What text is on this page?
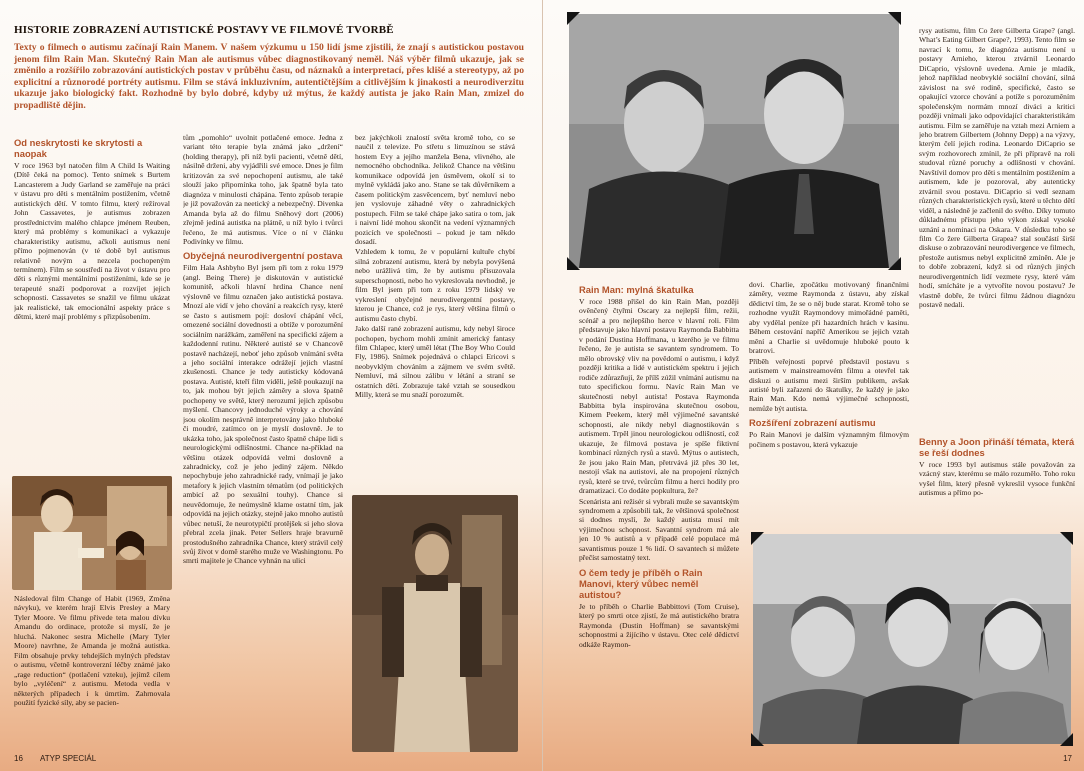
HISTORIE ZOBRAZENÍ AUTISTICKÉ POSTAVY VE FILMOVÉ TVORBĚ
Texty o filmech o autismu začínají Rain Manem. V našem výzkumu u 150 lidí jsme zjistili, že znají s autistickou postavou jenom film Rain Man. Skutečný Rain Man ale autismus vůbec diagnostikovaný neměl. Náš výběr filmů ukazuje, jak se změnilo a rozšířilo zobrazování autistických postav v průběhu času, od náznaků a interpretací, přes klišé a stereotypy, až po explicitní a různorodé portréty autismu. Film se stává inkluzivním, autentičtějším a citlivějším k jinakosti a neurodiverzitu ukazuje jako biologický fakt. Rozhodně by bylo dobré, kdyby už mýtus, že každý autista je jako Rain Man, zmizel do propadliště dějin.
Od neskrytosti ke skrytosti a naopak

V roce 1963 byl natočen film A Child Is Waiting (Dítě čeká na pomoc). Tento snímek s Burtem Lancasterem a Judy Garland se zaměřuje na práci v ústavu pro děti s mentálním postižením, včetně autistických dětí. V tomto filmu, který režíroval John Cassavetes, je autismus zobrazen prostřednictvím malého chlapce jménem Reuben, který má problémy s komunikací a vykazuje charakteristiky autismu, ačkoli autismus není přímo pojmenován (v té době byl autismus relativně novým a nezcela pochopeným termínem). Film se soustředí na život v ústavu pro děti s různými mentálními postiženími, kde se je terapeuté snaží podporovat a rozvíjet jejich schopnosti. Cassavetes se snažil ve filmu ukázat jak realistické, tak emocionální aspekty práce s dětmi, které mají problémy s přizpůsobením.

Následoval film Change of Habit (1969, Změna návyku), ve kterém hrají Elvis Presley a Mary Tyler Moore. Ve filmu přivede teta malou dívku Amandu do ordinace, protože si myslí, že je hluchá. Nakonec sestra Michelle (Mary Tyler Moore) navrhne, že Amanda je možná autistka. Film obsahuje prvky tehdejších mylných představ o autismu, včetně kontroverzní léčby známé jako „rage reduction“ (potlačení vzteku), jejímž cílem bylo „vyléčení“ z autismu. Metoda vedla v některých případech i k úmrtím. Zahrnovala použití fyzické síly, aby se pacien-

tům „pomohlo“ uvolnit potlačené emoce. Jedna z variant této terapie byla známá jako „držení“ (holding therapy), při níž byli pacienti, včetně dětí, násilně drženi, aby vyjádřili své emoce. Dnes je film kritizován za své nepochopení autismu, ale také slouží jako připomínka toho, jak špatně byla tato diagnóza v minulosti chápána. Tento způsob terapie je již považován za neetický a nebezpečný. Divenka Amanda byla až do filmu Sněhový dort (2006) zřejmě jediná autistka na plátně, u níž bylo i tvůrci řečeno, že má autismus. Více o ní v článku Podivínky ve filmu.

Obyčejná neurodivergentní postava

Film Hala Ashbyho Byl jsem při tom z roku 1979 (angl. Being There) je diskutován v autistické komunitě, ačkoli hlavní hrdina Chance není výslovně ve filmu označen jako autistická postava. Mnozí ale vidí v jeho chování a reakcích rysy, které se často s autismem pojí: dosloví chápání věcí, omezené sociální dovednosti a obtíže v porozumění sociálním narážkám, zaměření na specifickí zájem a každodenní rutinu. Některé autisté se v Chancově postavě nacházejí, neboť jeho způsob vnímání světa a jeho sociální interakce odrážejí jejich vlastní zkušenosti. Chance je tedy autisticky kódovaná postava. Autisté, kteří film viděli, ještě poukazují na to, jak mohou být jejich záměry a slova špatně pochopeny ve světě, který nerozumí jejich způsobu myšlení. Chancovy jednoduché výroky a chování jsou okolím nesprávně interpretovány jako hluboké či moudré, zatímco on je myslí doslovně. Je to ukázka toho, jak společnost často špatně chápe lidi s neurologickými odlišnostmi. Chance na-příklad na většinu otázek odpovídá velmi doslovně a zahradnicky, což je jeho jediný zájem. Někdo nepochybuje jeho zahradnické rady, vnímají je jako metafory k jejich vlastním tématům (od politických ambicí až po sexuální touhy). Chance si neuvědomuje, že neúmyslně klame ostatní tím, jak odpovídá na jejich otázky, stejně jako mnoho autistů vůbec netuší, že neurotypičtí protějšek si jeho slova přebral zcela jinak. Peter Sellers hraje bravurně prostodušného zahradníka Chance, který strávil celý svůj život v domě starého muže ve Washingtonu. Po smrti majitele je Chance vyhnán na ulici

bez jakýchkoli znalostí světa kromě toho, co se naučil z televize. Po střetu s limuzínou se stává hostem Evy a jejího manžela Bena, vlivného, ale nemocného obchodníka. Jelikož Chance na většinu komunikace odpovídá jen úsměvem, okolí si to mylně vykládá jako ano. Stane se tak důvěrníkem a časem politickým zasvěcencem, byť nemluví nebo jen vyslovuje záhadné věty o zahradnických postupech. Film se také chápe jako satira o tom, jak i naivní lidé mohou skončit na vedení významných pozicích ve společnosti – pokud je tam někdo dosadí.

Vzhledem k tomu, že v populární kultuře chybí silná zobrazení autismu, která by nebyla povýšená nebo urážlivá tím, že by autismu přisuzovala superschopnosti, nebo ho vykreslovala nevhodně, je film Byl jsem při tom z roku 1979 lidský ve vykreslení obyčejné neurodivergentní postavy, kterou je Chance, což je rys, který většina filmů o autismu často chybí.

Jako další rané zobrazení autismu, kdy nebyl široce pochopen, bychom mohli zmínit americký fantasy film Chlapec, který uměl létat (The Boy Who Could Fly, 1986). Snímek pojednává o chlapci Ericovi s neobyvklým chováním a zájmem ve svém světě. Nemluví, má silnou zálibu v létání a straní se ostatních dětí. Zobrazuje také vztah se sousedkou Milly, která se mu snaží porozumět.

16 ATYP SPECIÁL

rysy autismu, film Co žere Gilberta Grape? (angl. What’s Eating Gilbert Grape?, 1993). Tento film se navrací k tomu, že diagnóza autismu není u postavy Arnieho, kterou ztvárnil Leonardo DiCaprio, výslovně uvedena. Arnie je mladík, jehož například neobvyklé sociální chování, silná závislost na své rodině, specifické, často se opakující vzorce chování a potíže s porozuměním společenským normám mnozí diváci a kritici později vnímali jako odpovídající charakteristikám autismu. Film se zaměřuje na vztah mezi Arniem a jeho bratrem Gilbertem (Johnny Depp) a na výzvy, kterým čelí jejich rodina. Leonardo DiCaprio se svým rozhovorech zmínil, že při přípravě na roli studoval různé poruchy a odlišnosti v chování. Navštívil domov pro děti s mentálním postižením a autismem, kde je pozoroval, aby autenticky ztvárnil svou postavu. DiCaprio si vedl seznam různých charakteristických rysů, které u těchto dětí viděl, a následně je začlenil do svého. Díky tomuto důkladnému přístupu jeho výkon získal vysoké uznání a nominaci na Oskara. V důsledku toho se film Co žere Gilberta Grapea? stal součástí širší diskuse o zobrazování neurodivergence ve filmech, přestože autismus nebyl explicitně zmíněn. Ale je to dobře zobrazení, když si od různých jiných neurodivergentních lidí vezmete rysy, které vám hodí, smícháte je a vytvoříte novou postavu? Je vlastně dobře, že tvůrci filmu žádnou diagnózu postavě nedali.

Benny a Joon přináší témata, která se řeší dodnes

V roce 1993 byl autismus stále považován za vzácný stav, kterému se málo rozumělo. Toho roku vyšel film, který přesně vykreslil vysoce funkční autismus a přímo po-

Rain Man: mylná škatulka

V roce 1988 přišel do kin Rain Man, později ověnčený čtyřmi Oscary za nejlepší film, režii, scénář a pro nejlepšího herce v hlavní roli. Film představuje jako hlavní postavu Raymonda Babbitta v podání Dustina Hoffmana, u kterého je ve filmu řečeno, že je autista se savantem syndromem. To mělo obrovský vliv na povědomí o autismu, i když později kritika a lidé v autistickém spektru i jejich rodiče zdůrazňují, že přílš zúžil vnímání autismu na tuto specifickou formu. Navíc Rain Man ve skutečnosti nebyl autista! Postava Raymonda Babbitta byla inspirována skutečnou osobou, Kimem Peekem, který měl výjimečné savantské schopnosti, ale nikdy nebyl diagnostikován s autismem. Trpěl jinou neurologickou odlišností, což ukazuje, že filmová postava je spíše fiktivní kombinací různých rysů a stavů. Mýtus o autistech, že jsou jako Rain Man, přetrvává již přes 30 let, nestojí však na autistovi, ale na propojení různých rysů, které se trvé, tvůrcům filmu a herci hodily pro dramatizaci. Co dodáte popkultura, že?

Scenárista ani režisér si vybrali muže se savantským syndromem a způsobili tak, že většinová společnost si dodnes myslí, že každý autista musí mít výjimečnou schopnost. Savantní syndrom má ale jen 10 % autistů a v případě celé populace má savantismus pouze 1 % lidí. O savantech si můžete přečíst samostatný text.

O čem tedy je příběh o Rain Manovi, který vůbec neměl autistou?

Je to příběh o Charlie Babbittovi (Tom Cruise), který po smrti otce zjistí, že má autistického bratra Raymonda (Dustin Hoffman) se savantskými schopnostmi a žijícího v ústavu. Otec celé dědictví odkáže Raymon-

dovi. Charlie, zpočátku motivovaný finančními záměry, vezme Raymonda z ústavu, aby získal dědictví tím, že se o něj bude starat. Kromě toho se rozhodne využít Raymondovy mimořádné paměti, aby vydělal peníze při hazardních hrách v kasinu. Během cestování napříč Amerikou se jejich vztah mění a Charlie si uvědomuje hluboké pouto k bratrovi.

Příběh veřejnosti poprvé představil postavu s autismem v mainstreamovém filmu a otevřel tak diskuzi o autismu mezi širším publikem, avšak autisté byli zařazeni do škatulky, že každý je jako Rain Man. Kdo nemá výjimečné schopnosti, nemůže být autista.

Rozšíření zobrazení autismu

Po Rain Manovi je dalším významným filmovým počinem s postavou, která vykazuje

17
